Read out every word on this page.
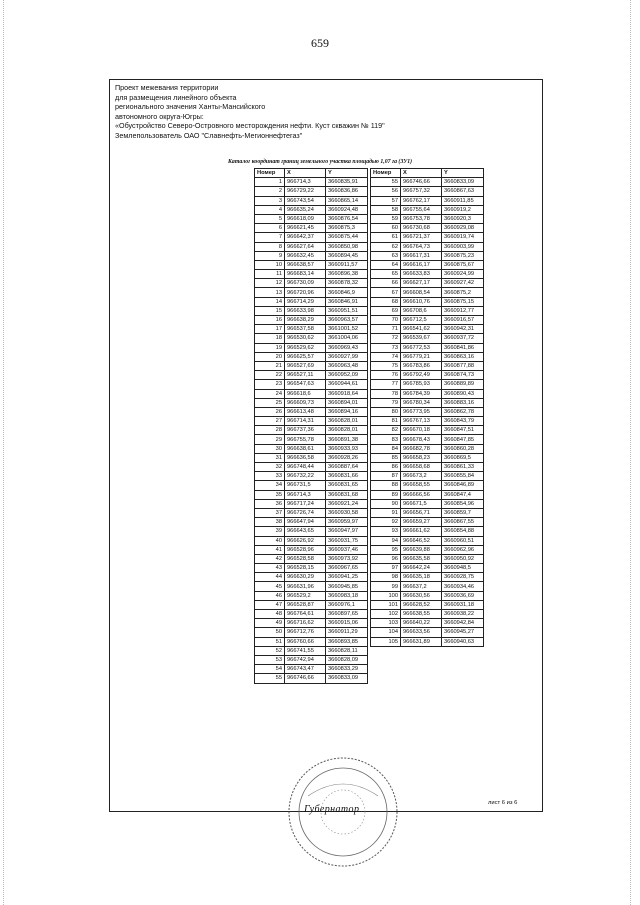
659
Проект межевания территории
для размещения линейного объекта
регионального значения Ханты-Мансийского
автономного округа-Югры:
«Обустройство Северо-Островного месторождения нефти. Куст скважин № 119"
Землепользователь ОАО "Славнефть-Мегионнефтегаз"
Каталог координат границ земельного участка площадью 1,07 га (ЗУ1)
Номер	X	Y
1	966714,3	3660835,91
2	966729,22	3660836,86
3	966743,54	3660865,14
4	966635,24	3660924,48
5	966618,09	3660876,54
6	966621,45	3660875,3
7	966642,37	3660875,44
8	966627,64	3660850,98
9	966632,45	3660894,45
10	966638,57	3660911,57
11	966683,14	3660896,38
12	966730,09	3660878,32
13	966720,96	3660846,9
14	966714,29	3660846,91
15	966633,98	3660951,51
16	966638,29	3660963,57
17	966537,58	3661001,52
18	966530,62	3661004,06
19	966529,62	3660969,43
20	966625,57	3660927,99
21	966527,69	3660963,48
22	966527,11	3660952,09
23	966547,63	3660944,61
24	966618,6	3660918,64
25	966609,73	3660894,01
26	966613,48	3660894,16
27	966714,31	3660828,01
28	966737,36	3660828,01
29	966755,78	3660891,38
30	966638,61	3660933,93
31	966636,58	3660928,26
32	966748,44	3660887,64
33	966732,22	3660831,66
34	966731,5	3660831,65
35	966714,3	3660831,68
36	966717,24	3660921,24
37	966726,74	3660930,58
38	966647,94	3660959,97
39	966643,65	3660947,97
40	966626,92	3660931,75
41	966528,96	3660937,46
42	966528,58	3660973,92
43	966528,15	3660967,65
44	966630,29	3660941,25
45	966631,96	3660945,85
46	966529,2	3660983,18
47	966528,87	3660976,1
48	966764,61	3660897,65
49	966716,62	3660915,06
50	966712,76	3660911,29
51	966760,66	3660893,85
52	966741,55	3660828,11
53	966742,94	3660828,09
54	966743,47	3660833,29
55	966746,66	3660833,09
Номер	X	Y
55	966746,66	3660833,09
56	966757,32	3660867,63
57	966762,17	3660911,85
58	966755,64	3660919,2
59	966753,78	3660920,3
60	966730,68	3660929,08
61	966721,37	3660919,74
62	966764,73	3660903,99
63	966617,31	3660875,23
64	966616,17	3660875,67
65	966633,83	3660924,99
66	966627,17	3660927,42
67	966608,54	3660875,2
68	966610,76	3660875,15
69	966708,6	3660912,77
70	966712,5	3660916,57
71	966541,62	3660942,31
72	966539,67	3660937,72
73	966772,53	3660841,86
74	966779,21	3660863,16
75	966783,86	3660877,88
76	966792,49	3660874,73
77	966785,93	3660889,89
78	966784,39	3660890,43
79	966780,34	3660883,16
80	966773,95	3660862,78
81	966767,13	3660843,79
82	966670,18	3660847,51
83	966678,43	3660847,85
84	966682,78	3660860,28
85	966658,23	3660869,5
86	966658,68	3660861,33
87	966673,2	3660855,84
88	966658,55	3660846,89
89	966666,56	3660847,4
90	966671,5	3660854,96
91	966656,71	3660859,7
92	966659,27	3660867,55
93	966661,62	3660854,88
94	966646,52	3660960,51
95	966639,88	3660962,96
96	966635,58	3660950,92
97	966642,24	3660948,5
98	966635,18	3660928,75
99	966637,2	3660934,46
100	966630,56	3660936,69
101	966628,52	3660931,18
102	966638,55	3660938,22
103	966640,22	3660942,84
104	966633,56	3660945,27
105	966631,89	3660940,63
лист 6 из 6
Губернатор
